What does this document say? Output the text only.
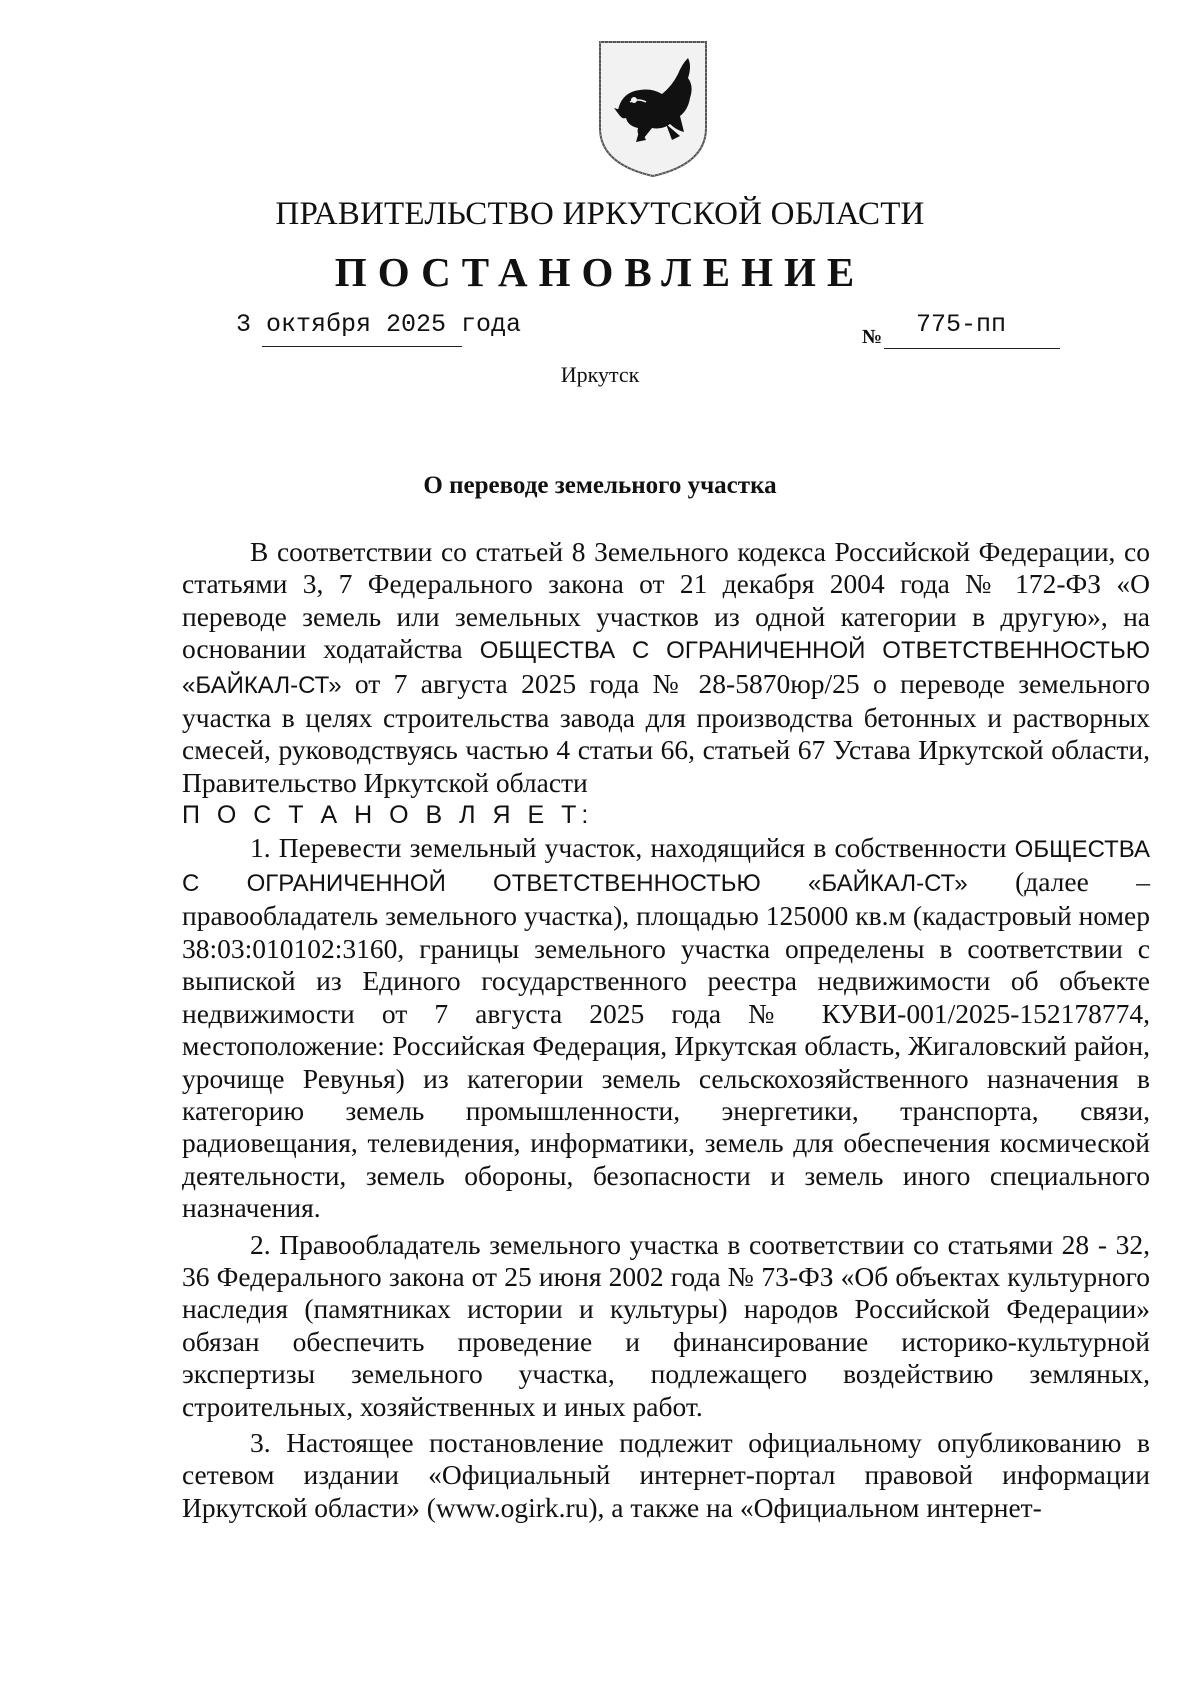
ПРАВИТЕЛЬСТВО ИРКУТСКОЙ ОБЛАСТИ
ПОСТАНОВЛЕНИЕ
3 октября 2025 года	№ 775-пп
Иркутск
О переводе земельного участка

В соответствии со статьей 8 Земельного кодекса Российской Федерации, со статьями 3, 7 Федерального закона от 21 декабря 2004 года № 172-ФЗ «О переводе земель или земельных участков из одной категории в другую», на основании ходатайства ОБЩЕСТВА С ОГРАНИЧЕННОЙ ОТВЕТСТВЕННОСТЬЮ «БАЙКАЛ-СТ» от 7 августа 2025 года № 28-5870юр/25 о переводе земельного участка в целях строительства завода для производства бетонных и растворных смесей, руководствуясь частью 4 статьи 66, статьей 67 Устава Иркутской области, Правительство Иркутской области

П О С Т А Н О В Л Я Е Т:

1. Перевести земельный участок, находящийся в собственности ОБЩЕСТВА С ОГРАНИЧЕННОЙ ОТВЕТСТВЕННОСТЬЮ «БАЙКАЛ-СТ» (далее – правообладатель земельного участка), площадью 125000 кв.м (кадастровый номер 38:03:010102:3160, границы земельного участка определены в соответствии с выпиской из Единого государственного реестра недвижимости об объекте недвижимости от 7 августа 2025 года № КУВИ-001/2025-152178774, местоположение: Российская Федерация, Иркутская область, Жигаловский район, урочище Ревунья) из категории земель сельскохозяйственного назначения в категорию земель промышленности, энергетики, транспорта, связи, радиовещания, телевидения, информатики, земель для обеспечения космической деятельности, земель обороны, безопасности и земель иного специального назначения.

2. Правообладатель земельного участка в соответствии со статьями 28 - 32, 36 Федерального закона от 25 июня 2002 года № 73-ФЗ «Об объектах культурного наследия (памятниках истории и культуры) народов Российской Федерации» обязан обеспечить проведение и финансирование историко-культурной экспертизы земельного участка, подлежащего воздействию земляных, строительных, хозяйственных и иных работ.

3. Настоящее постановление подлежит официальному опубликованию в сетевом издании «Официальный интернет-портал правовой информации Иркутской области» (www.ogirk.ru), а также на «Официальном интернет-
